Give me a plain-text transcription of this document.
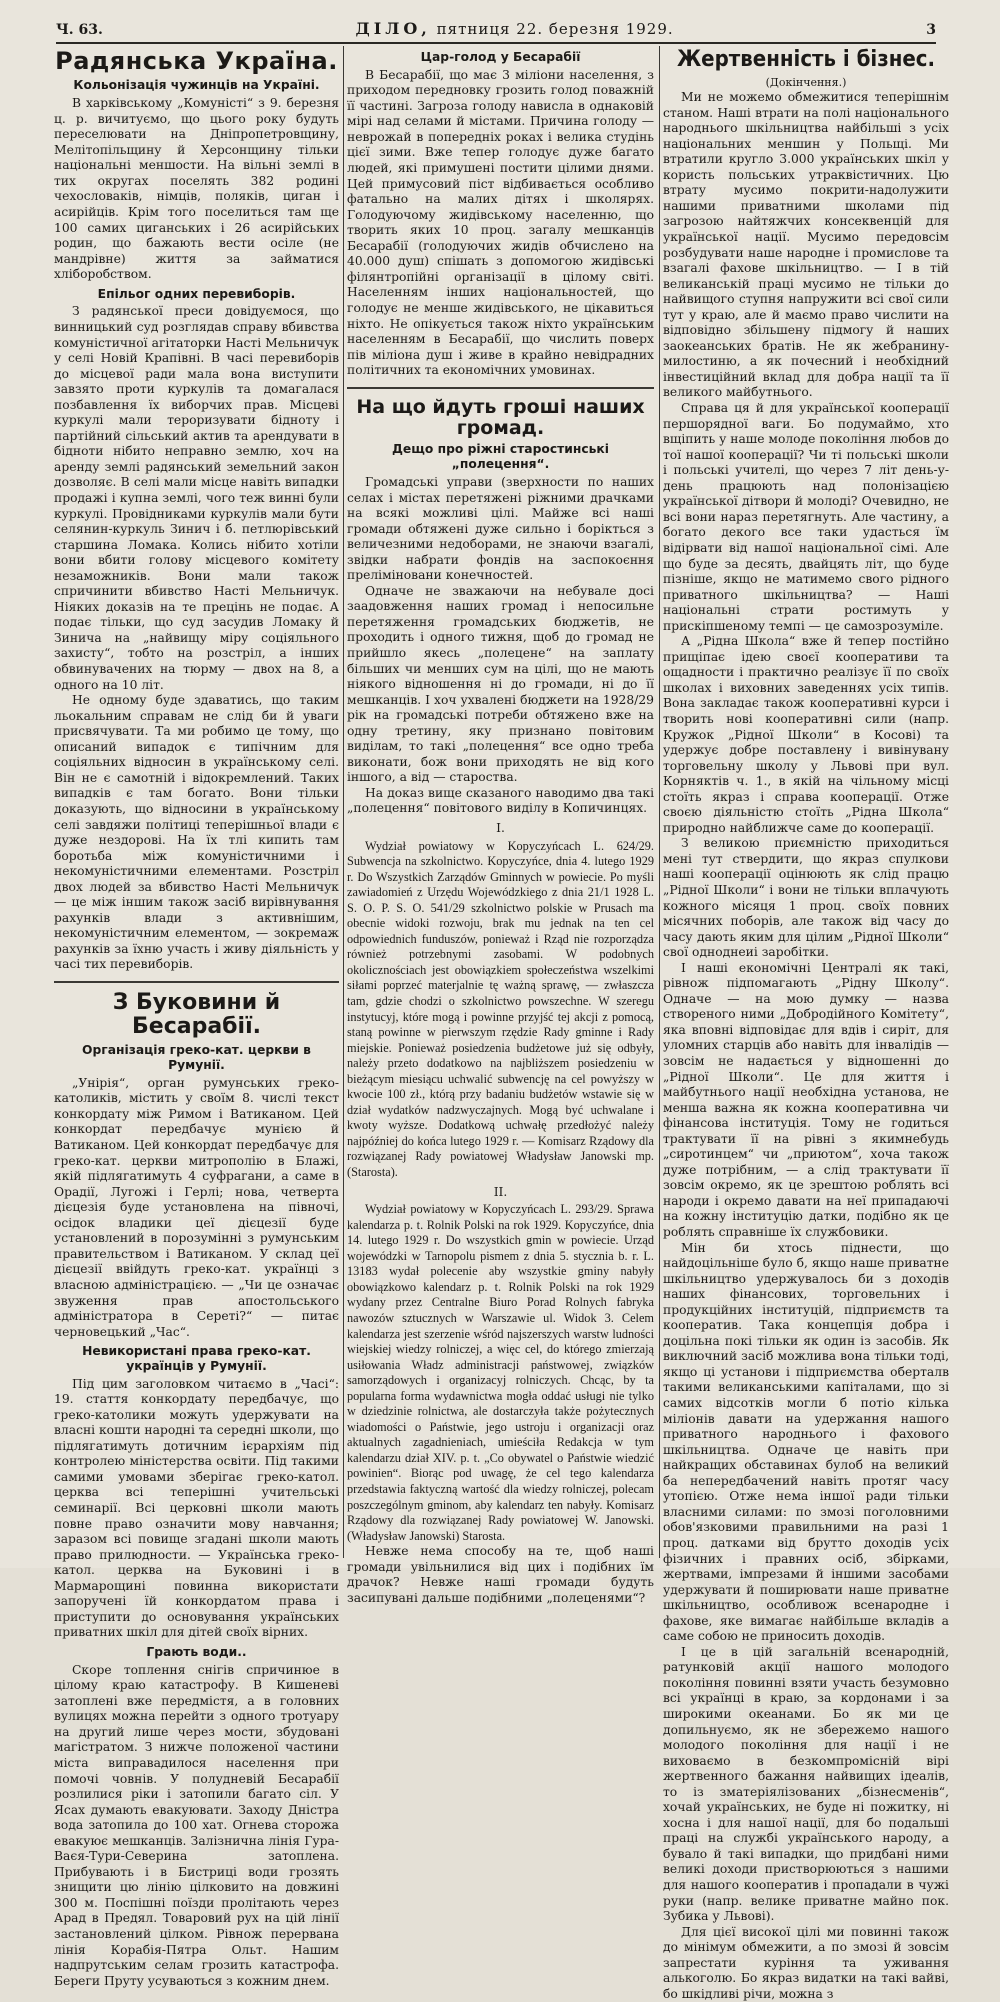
Ч. 63.	ДІЛО, пятниця 22. березня 1929.	3
Радянська Україна.
Кольонізація чужинців на Україні.

В харківському „Комуністі“ з 9. березня ц. р. вичитуємо, що цього року будуть переселювати на Дніпропетровщину, Мелітопільщину й Херсонщину тільки національні меншости. На вільні землі в тих округах поселять 382 родині чехословаків, німців, поляків, циган і асирійців. Крім того поселиться там ще 100 самих циганських і 26 асирійських родин, що бажають вести осіле (не мандрівне) життя за займатися хліборобством.

Епільог одних перевиборів.

З радянської преси довідуємося, що винницький суд розглядав справу вбивства комуністичної агітаторки Насті Мельничук у селі Новій Крапівні. В часі перевиборів до місцевої ради мала вона виступити завзято проти куркулів та домагалася позбавлення їх виборчих прав. Місцеві куркулі мали тероризувати бідноту і партійний сільський актив та арендувати в бідноти нібито неправно землю, хоч на аренду землі радянський земельний закон дозволяє. В селі мали місце навіть випадки продажі і купна землі, чого теж винні були куркулі. Провідниками куркулів мали бути селянин-куркуль Зинич і б. петлюрівський старшина Ломака. Колись нібито хотіли вони вбити голову місцевого комітету незаможників. Вони мали також спричинити вбивство Насті Мельничук. Ніяких доказів на те прецінь не подає. А подає тільки, що суд засудив Ломаку й Зинича на „найвищу міру соціяльного захисту“, тобто на розстріл, а інших обвинувачених на тюрму — двох на 8, а одного на 10 літ.

Не одному буде здаватись, що таким льокальним справам не слід би й уваги присвячувати. Та ми робимо це тому, що описаний випадок є типічним для соціяльних відносин в українському селі. Він не є самотній і відокремлений. Таких випадків є там богато. Вони тільки доказують, що відносини в українському селі завдяжи політиці теперішньої влади є дуже нездорові. На їх тлі кипить там боротьба між комуністичними і некомуністичними елементами. Розстріл двох людей за вбивство Насті Мельничук — це між іншим також засіб вирівнування рахунків влади з активнішим, некомуністичним елементом, — зокремаж рахунків за їхню участь і живу діяльність у часі тих перевиборів.

З Буковини й Бесарабії.
Організація греко-кат. церкви в Румунії.

„Унірія“, орган румунських греко-католиків, містить у своїм 8. числі текст конкордату між Римом і Ватиканом. Цей конкордат передбачує мунією й Ватиканом. Цей конкордат передбачує для греко-кат. церкви митрополію в Блажі, якій підлягатимуть 4 суфрагани, а саме в Орадії, Лугожі і Герлі; нова, четверта дієцезія буде установлена на півночі, осідок владики цеї дієцезії буде установлений в порозумінні з румунським правительством і Ватиканом. У склад цеї дієцезії ввійдуть греко-кат. українці з власною адміністрацією. — „Чи це означає звуження прав апостольського адміністратора в Сереті?“ — питає черновецький „Час“.

Невикористані права греко-кат. українців у Румунії.

Під цим заголовком читаємо в „Часі“: 19. стаття конкордату передбачує, що греко-католики можуть удержувати на власні кошти народні та середні школи, що підлягатимуть дотичним ієрархіям під контролею міністерства освіти. Під такими самими умовами зберігає греко-катол. церква всі теперішні учительські семинарії. Всі церковні школи мають повне право означити мову навчання; заразом всі повище згадані школи мають право прилюдности. — Українська греко-катол. церква на Буковині і в Мармарощині повинна використати запоручені їй конкордатом права і приступити до основування українських приватних шкіл для дітей своїх вірних.

Грають води..

Скоре топлення снігів спричинюе в цілому краю катастрофу. В Кишеневі затоплені вже передмістя, а в головних вулицях можна перейти з одного тротуару на другий лише через мости, збудовані магістратом. З нижче положеної частини міста виправадилося населення при помочі човнів. У полудневій Бесарабії розлилися ріки і затопили багато сіл. У Ясах думають евакуювати. Заходу Дністра вода затопила до 100 хат. Огнева сторожа евакуює мешканців. Залізнична лінія Гура-Ваєя-Тури-Северина затоплена. Прибувають і в Бистриці води грозять знищити цю лінію цілковито на довжині 300 м. Поспішні поїзди пролітають через Арад в Предял. Товаровий рух на цій лінії застановлений цілком. Рівнож перервана лінія Корабія-Пятра Ольт. Нашим надпрутським селам грозить катастрофа. Береги Пруту усуваються з кожним днем.

Цар-голод у Бесарабії

В Бесарабії, що має 3 міліони населення, з приходом передновку грозить голод поважній її частині. Загроза голоду нависла в однаковій мірі над селами й містами. Причина голоду — неврожай в попередніх роках і велика студінь цієї зими. Вже тепер голодує дуже багато людей, які примушені постити цілими днями. Цей примусовий піст відбивається особливо фатально на малих дітях і школярях. Голодуючому жидівському населенню, що творить яких 10 проц. загалу мешканців Бесарабії (голодуючих жидів обчислено на 40.000 душ) спішать з допомогою жидівські філянтропійні організації в цілому світі. Населенням інших національностей, що голодує не менше жидівського, не цікавиться ніхто. Не опікується також ніхто українським населенням в Бесарабії, що числить поверх пів міліона душ і живе в крайно невідрадних політичних та економічних умовинах.

На що йдуть гроші наших громад.
Дещо про ріжні старостинські „полецення“.

Громадські управи (зверхности по наших селах і містах перетяжені ріжними драчками на всякі можливі цілі. Майже всі наші громади обтяжені дуже сильно і борікться з величезними недоборами, не знаючи взагалі, звідки набрати фондів на заспокоєння преліміновани конечностей.

Одначе не зважаючи на небувале досі заадовження наших громад і непосильне перетяження громадських бюджетів, не проходить і одного тижня, щоб до громад не прийшло якесь „полецене“ на заплату більших чи менших сум на цілі, що не мають ніякого відношення ні до громади, ні до її мешканців. І хоч ухвалені бюджети на 1928/29 рік на громадські потреби обтяжено вже на одну третину, яку признано повітовим виділам, то такі „полецення“ все одно треба виконати, бож вони приходять не від кого іншого, а від — староства.

На доказ вище сказаного наводимо два такі „полецення“ повітового виділу в Копичинцях.

I.

Wydział powiatowy w Kopyczyńcach L. 624/29. Subwencja na szkolnictwo. Kopyczyńce, dnia 4. lutego 1929 r. Do Wszystkich Zarządów Gminnych w powiecie. Po myśli zawiadomień z Urzędu Wojewódzkiego z dnia 21/1 1928 L. S. O. P. S. O. 541/29 szkolnictwo polskie w Prusach ma obecnie widoki rozwoju, brak mu jednak na ten cel odpowiednich funduszów, ponieważ i Rząd nie rozporządza również potrzebnymi zasobami. W podobnych okolicznościach jest obowiązkiem społeczeństwa wszelkimi siłami poprzeć materjalnie tę ważną sprawę, — zwłaszcza tam, gdzie chodzi o szkolnictwo powszechne. W szeregu instytucyj, które mogą i powinne przyjść tej akcji z pomocą, staną powinne w pierwszym rzędzie Rady gminne i Rady miejskie. Ponieważ posiedzenia budżetowe już się odbyły, należy przeto dodatkowo na najbliższem posiedzeniu w bieżącym miesiącu uchwalić subwencję na cel powyższy w kwocie 100 zł., którą przy badaniu budżetów wstawie się w dział wydatków nadzwyczajnych. Mogą być uchwalane i kwoty wyższe. Dodatkową uchwałę przedłożyć należy najpóźniej do końca lutego 1929 r. — Komisarz Rządowy dla rozwiązanej Rady powiatowej Władysław Janowski mp. (Starosta).

II.

Wydział powiatowy w Kopyczyńcach L. 293/29. Sprawa kalendarza p. t. Rolnik Polski na rok 1929. Kopyczyńce, dnia 14. lutego 1929 r. Do wszystkich gmin w powiecie. Urząd wojewódzki w Tarnopolu pismem z dnia 5. stycznia b. r. L. 13183 wydał polecenie aby wszystkie gminy nabyły obowiązkowo kalendarz p. t. Rolnik Polski na rok 1929 wydany przez Centralne Biuro Porad Rolnych fabryka nawozów sztucznych w Warszawie ul. Widok 3. Celem kalendarza jest szerzenie wśród najszerszych warstw ludności wiejskiej wiedzy rolniczej, a więc cel, do którego zmierzają usiłowania Władz administracji państwowej, związków samorządowych i organizacyj rolniczych. Chcąc, by ta popularna forma wydawnictwa mogła oddać usługi nie tylko w dziedzinie rolnictwa, ale dostarczyła także pożytecznych wiadomości o Państwie, jego ustroju i organizacji oraz aktualnych zagadnieniach, umieściła Redakcja w tym kalendarzu dział XIV. p. t. „Co obywatel o Państwie wiedzić powinien“. Biorąc pod uwagę, że cel tego kalendarza przedstawia faktyczną wartość dla wiedzy rolniczej, polecam poszczególnym gminom, aby kalendarz ten nabyły. Komisarz Rządowy dla rozwiązanej Rady powiatowej W. Janowski. (Władysław Janowski) Starosta.

Невже нема способу на те, щоб наші громади увільнилися від цих і подібних їм драчок? Невже наші громади будуть засипувані дальше подібними „полеценями“?

Жертвенність і бізнес.

(Докінчення.)

Ми не можемо обмежитися теперішнім станом. Наші втрати на полі національного народнього шкільництва найбільші з усіх національних меншин у Польщі. Ми втратили кругло 3.000 українських шкіл у користь польських утраквістичних. Цю втрату мусимо покрити-надолужити нашими приватними школами під загрозою найтяжчих консеквенцій для української нації. Мусимо передовсім розбудувати наше народне і промислове та взагалі фахове шкільництво. — І в тій великанській праці мусимо не тільки до найвищого ступня напружити всі свої сили тут у краю, але й маємо право числити на відповідно збільшену підмогу й наших заокеанських братів. Не як жебранину-милостиню, а як почесний і необхідний інвестиційний вклад для добра нації та її великого майбутнього.

Справа ця й для української кооперації першорядної ваги. Бо подумаймо, хто вщіпить у наше молоде покоління любов до тої нашої кооперації? Чи ті польські школи і польські учителі, що через 7 літ день-у-день працюють над полонізацією української дітвори й молоді? Очевидно, не всі вони нараз перетягнуть. Але частину, а богато декого все таки удасться їм відірвати від нашої національної сімі. Але що буде за десять, двайцять літ, що буде пізніше, якщо не матимемо свого рідного приватного шкільництва? — Наші національні страти ростимуть у прискіпшеному темпі — це самозрозуміле.

А „Рідна Школа“ вже й тепер постійно прищіпає ідею своєї кооперативи та ощадности і практично реалізує її по своїх школах і виховних заведеннях усіх типів. Вона закладає також кооперативні курси і творить нові кооперативні сили (напр. Кружок „Рідної Школи“ в Косові) та удержує добре поставлену і вивінувану торговельну школу у Львові при вул. Корняктів ч. 1., в якій на чільному місці стоїть якраз і справа кооперації. Отже своєю діяльністю стоїть „Рідна Школа“ природно найближче саме до кооперації.

З великою приємністю приходиться мені тут ствердити, що якраз спулкови наші кооперації оцінюють як слід працю „Рідної Школи“ і вони не тільки вплачують кожного місяця 1 проц. своїх повних місячних поборів, але також від часу до часу дають яким для цілим „Рідної Школи“ свої одноднеиі заробітки.

І наші економічні Централі як такі, рівнож підпомагають „Рідну Школу“. Одначе — на мою думку — назва створеного ними „Добродійного Комітету“, яка вповні відповідає для вдів і сиріт, для уломних старців або навіть для інвалідів — зовсім не надається у відношенні до „Рідної Школи“. Це для життя і майбутнього нації необхідна установа, не менша важна як кожна кооперативна чи фінансова інституція. Тому не годиться трактувати її на рівні з якимнебудь „сиротинцем“ чи „приютом“, хоча також дуже потрібним, — а слід трактувати її зовсім окремо, як це зрештою роблять всі народи і окремо давати на неї припадаючі на кожну інституцію датки, подібно як це роблять справніше їх службовики.

Мін би хтось піднести, що найдоцільніше було б, якщо наше приватне шкільництво удержувалось би з доходів наших фінансових, торговельних і продукційних інституцій, підприємств та кооператив. Така концепція добра і доцільна покі тільки як один із засобів. Як виключний засіб можлива вона тільки тоді, якщо ці установи і підприємства оберталв такими великанськими капіталами, що зі самих відсотків могли б потіо кілька міліонів давати на удержання нашого приватного народнього і фахового шкільництва. Одначе це навіть при найкращих обставинах булоб на великий ба непередбачений навіть протяг часу утопією. Отже нема іншої ради тільки власними силами: по змозі поголовними обов'язковими правильними на разі 1 проц. датками від брутто доходів усіх фізичних і правних осіб, збірками, жертвами, імпрезами й іншими засобами удержувати й поширювати наше приватне шкільництво, особливож всенародне і фахове, яке вимагає найбільше вкладів а саме собою не приносить доходів.

І це в цій загальній всенародній, ратунковій акції нашого молодого покоління повинні взяти участь безумовно всі українці в краю, за кордонами і за широкими океанами. Бо як ми це допильнуємо, як не збережемо нашого молодого покоління для нації і не виховаємо в безкомпромісній вірі жертвенного бажання найвищих ідеалів, то із зматеріялізованих „бізнесменів“, хочай українських, не буде ні пожитку, ні хосна і для нашої нації, для бо подальші праці на службі українського народу, а бувало й такі випадки, що придбані ними великі доходи пристворюються з нашими для нашого кооператив і пропадали в чужі руки (напр. велике приватне майно пок. Зубика у Львові).

Для цієї високої цілі ми повинні також до мінімум обмежити, а по змозі й зовсім запрестати куріння та уживання алькоголю. Бо якраз видатки на такі вайві, бо шкідливі річи, можна з
